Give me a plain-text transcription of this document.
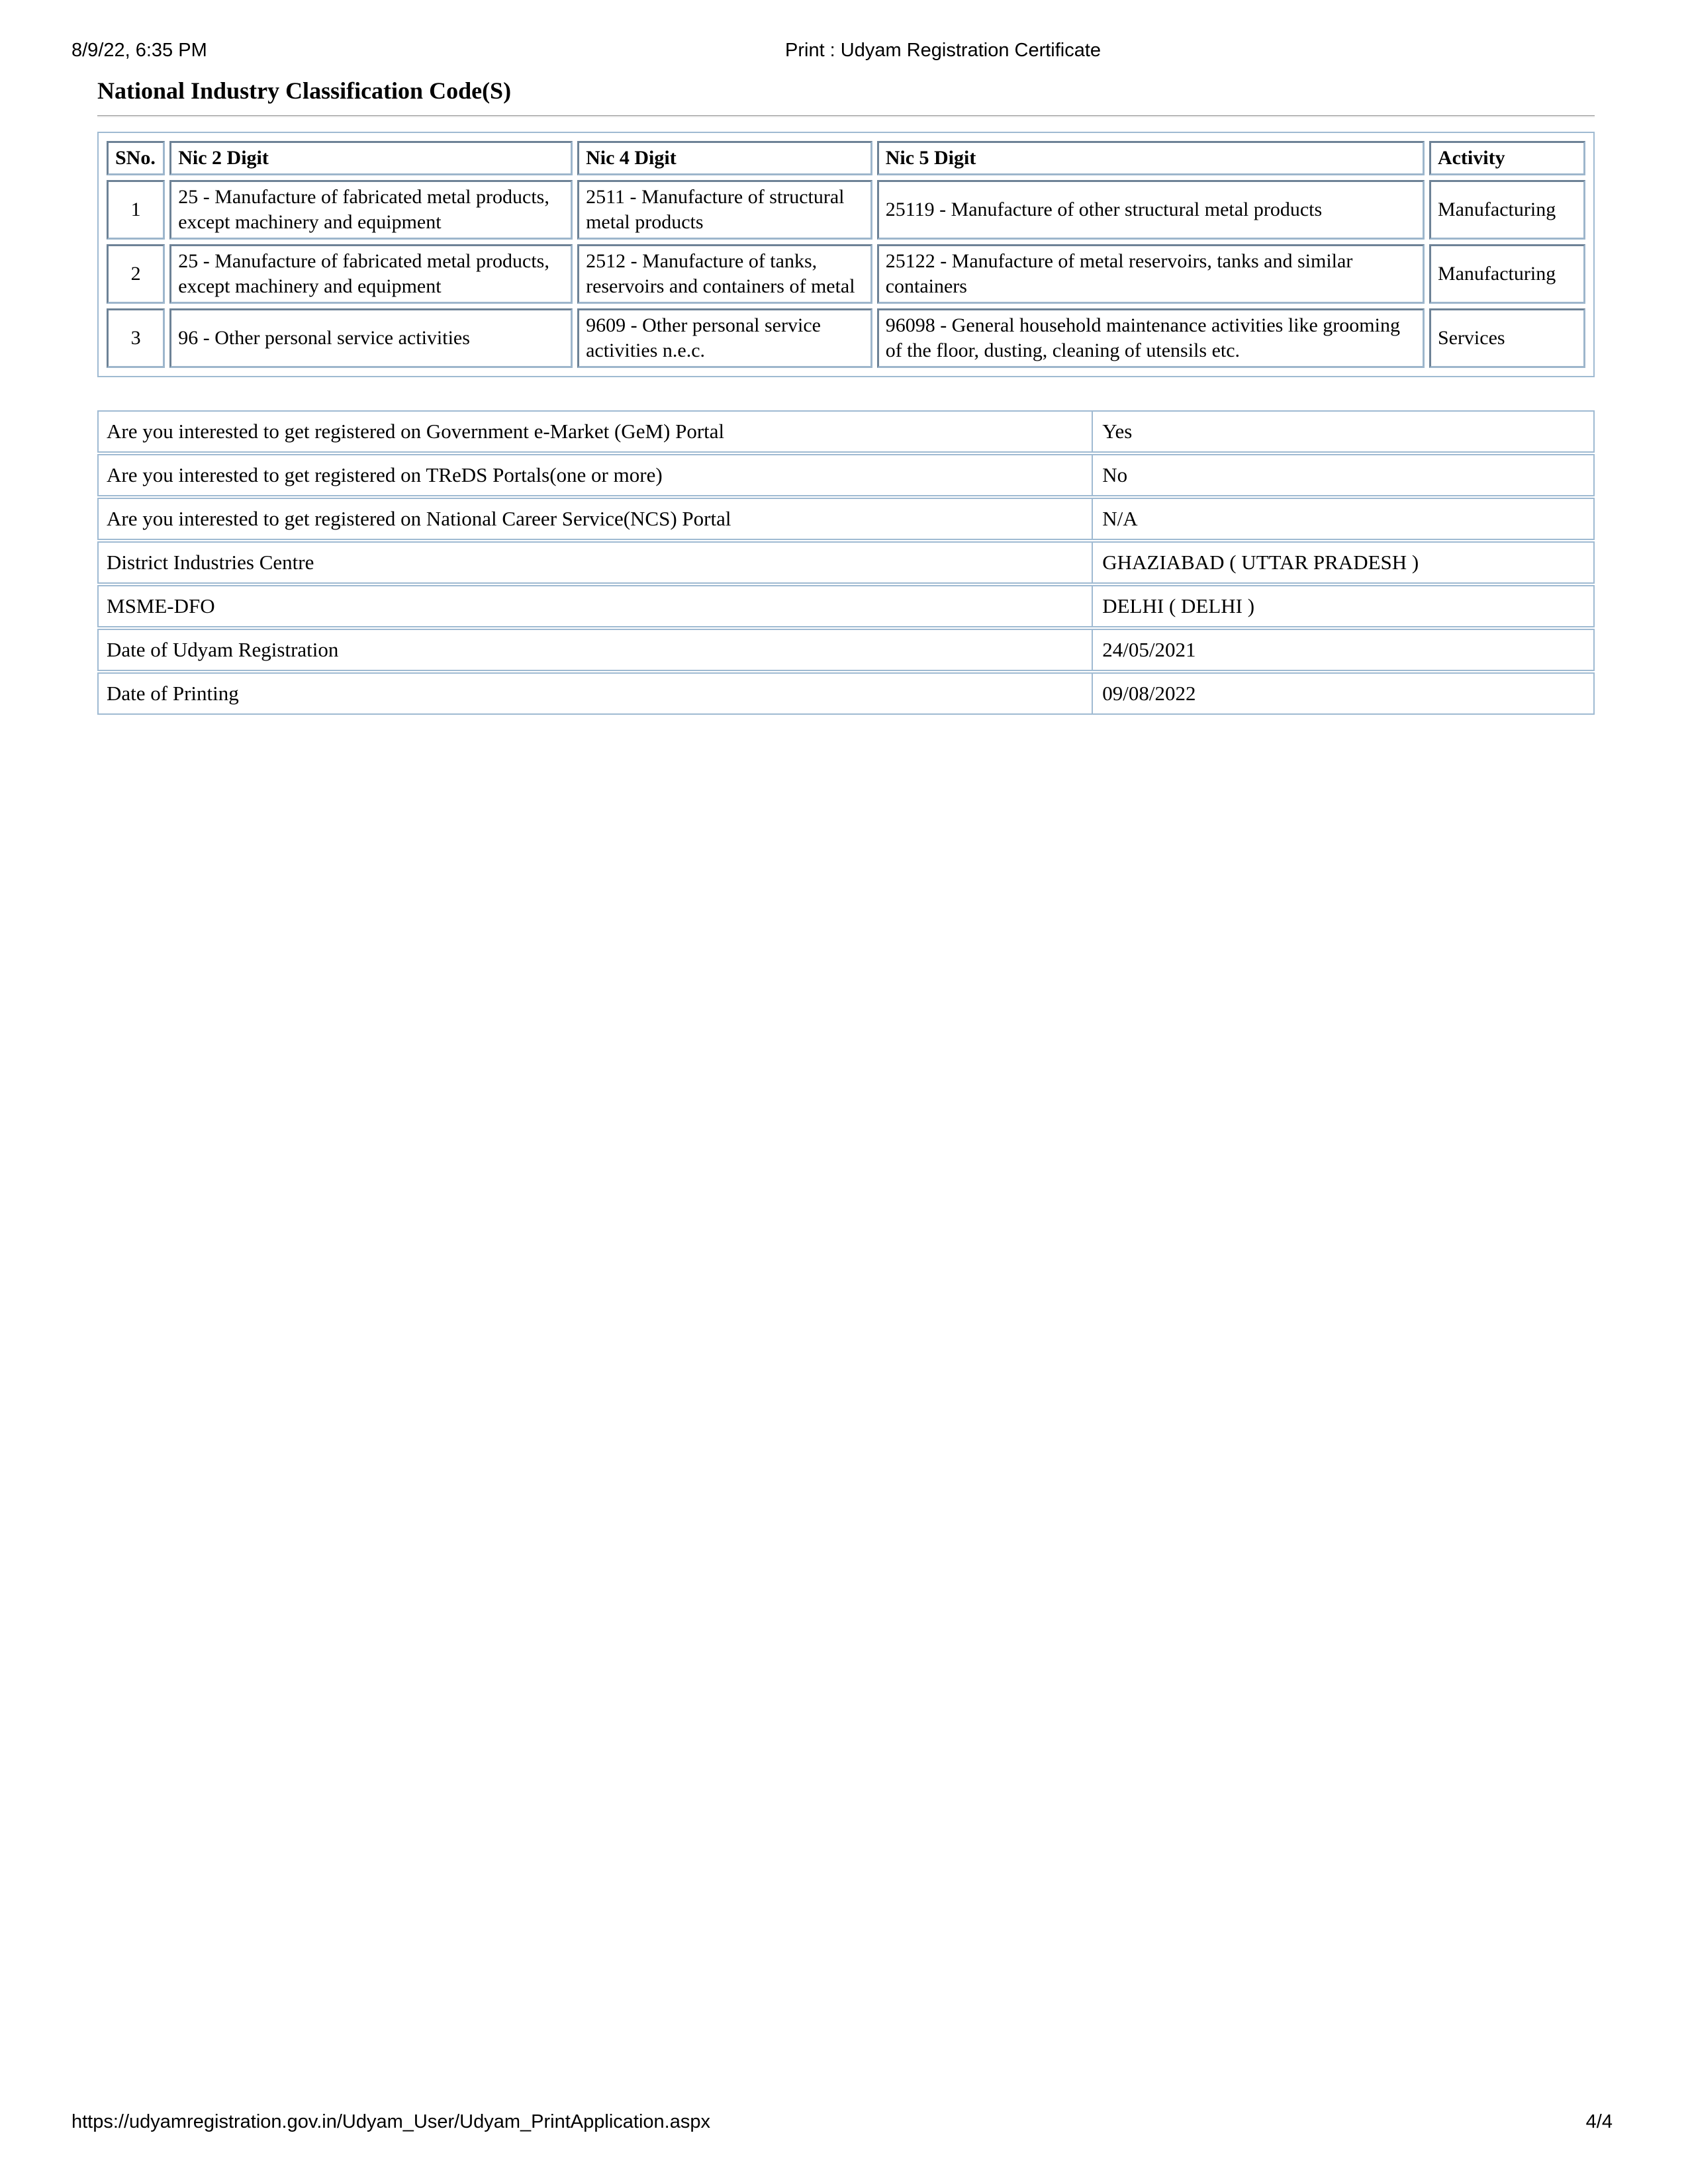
8/9/22, 6:35 PM	Print : Udyam Registration Certificate
National Industry Classification Code(S)
SNo.	Nic 2 Digit	Nic 4 Digit	Nic 5 Digit	Activity
1	25 - Manufacture of fabricated metal products, except machinery and equipment	2511 - Manufacture of structural metal products	25119 - Manufacture of other structural metal products	Manufacturing
2	25 - Manufacture of fabricated metal products, except machinery and equipment	2512 - Manufacture of tanks, reservoirs and containers of metal	25122 - Manufacture of metal reservoirs, tanks and similar containers	Manufacturing
3	96 - Other personal service activities	9609 - Other personal service activities n.e.c.	96098 - General household maintenance activities like grooming of the floor, dusting, cleaning of utensils etc.	Services
Are you interested to get registered on Government e-Market (GeM) Portal	Yes
Are you interested to get registered on TReDS Portals(one or more)	No
Are you interested to get registered on National Career Service(NCS) Portal	N/A
District Industries Centre	GHAZIABAD ( UTTAR PRADESH )
MSME-DFO	DELHI ( DELHI )
Date of Udyam Registration	24/05/2021
Date of Printing	09/08/2022
https://udyamregistration.gov.in/Udyam_User/Udyam_PrintApplication.aspx	4/4
